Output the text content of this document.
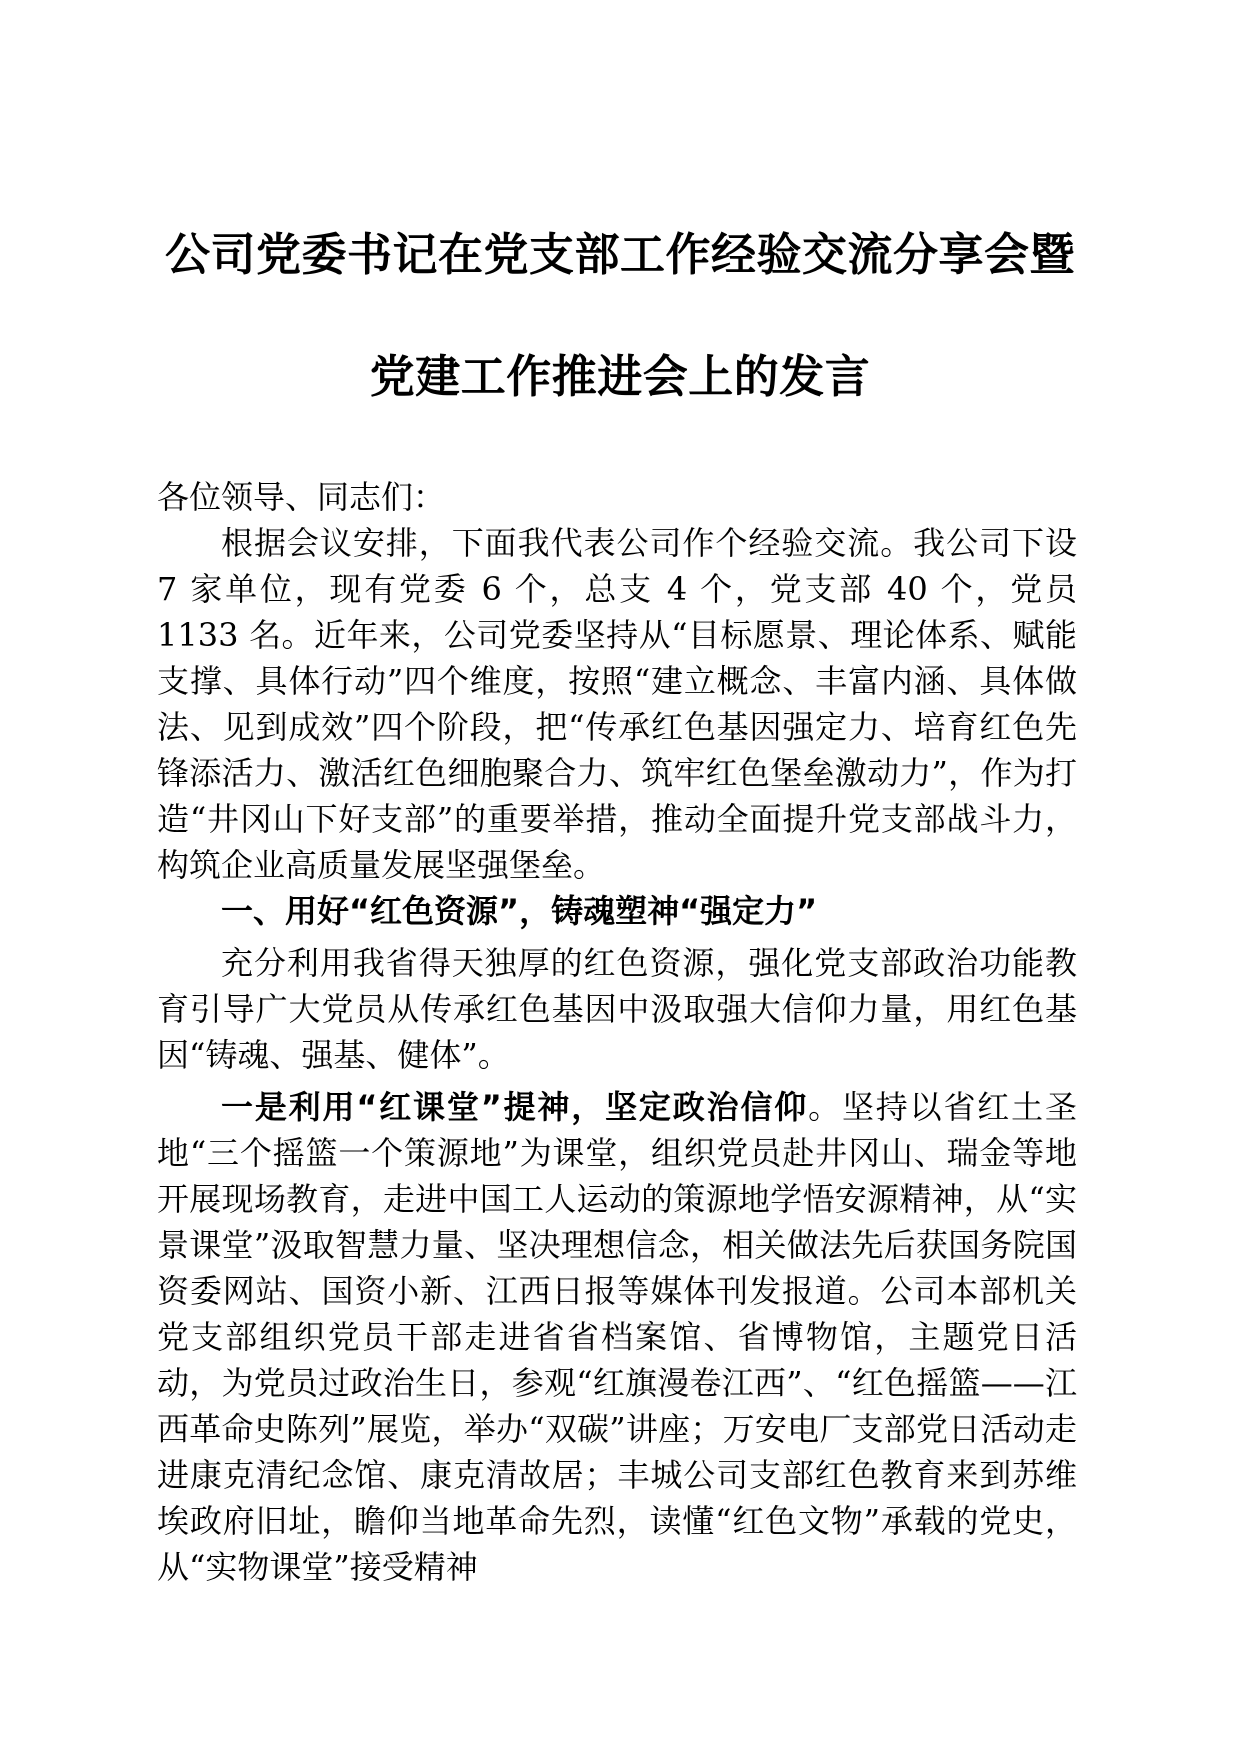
公司党委书记在党支部工作经验交流分享会暨
党建工作推进会上的发言

各位领导、同志们：

根据会议安排，下面我代表公司作个经验交流。我公司下设 7 家单位，现有党委 6 个，总支 4 个，党支部 40 个，党员 1133 名。近年来，公司党委坚持从“目标愿景、理论体系、赋能支撑、具体行动”四个维度，按照“建立概念、丰富内涵、具体做法、见到成效”四个阶段，把“传承红色基因强定力、培育红色先锋添活力、激活红色细胞聚合力、筑牢红色堡垒激动力”，作为打造“井冈山下好支部”的重要举措，推动全面提升党支部战斗力，构筑企业高质量发展坚强堡垒。

一、用好“红色资源”，铸魂塑神“强定力”

充分利用我省得天独厚的红色资源，强化党支部政治功能教育引导广大党员从传承红色基因中汲取强大信仰力量，用红色基因“铸魂、强基、健体”。

一是利用“红课堂”提神，坚定政治信仰。坚持以省红土圣地“三个摇篮一个策源地”为课堂，组织党员赴井冈山、瑞金等地开展现场教育，走进中国工人运动的策源地学悟安源精神，从“实景课堂”汲取智慧力量、坚决理想信念，相关做法先后获国务院国资委网站、国资小新、江西日报等媒体刊发报道。公司本部机关党支部组织党员干部走进省省档案馆、省博物馆，主题党日活动，为党员过政治生日，参观“红旗漫卷江西”、“红色摇篮——江西革命史陈列”展览，举办“双碳”讲座；万安电厂支部党日活动走进康克清纪念馆、康克清故居；丰城公司支部红色教育来到苏维埃政府旧址，瞻仰当地革命先烈，读懂“红色文物”承载的党史，从“实物课堂”接受精神
